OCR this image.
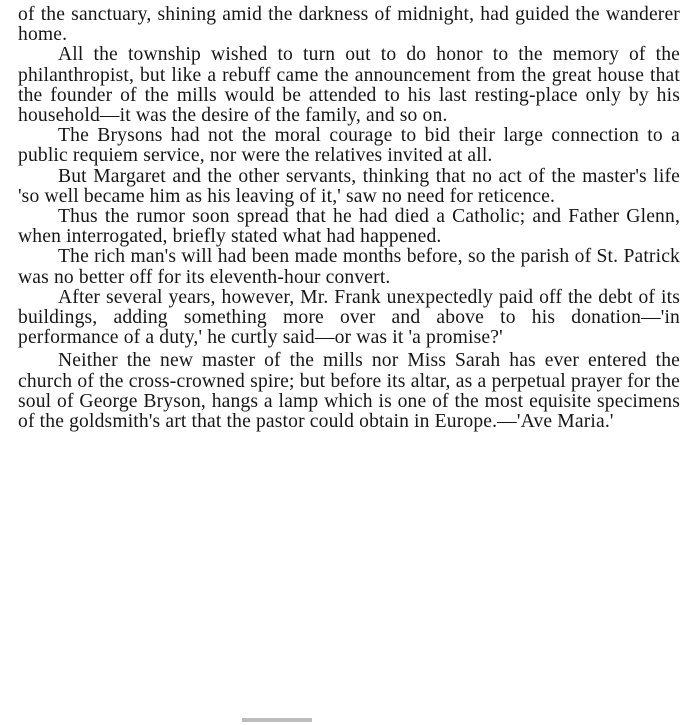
of the sanctuary, shining amid the darkness of midnight, had guided the wanderer home.

All the township wished to turn out to do honor to the memory of the philanthropist, but like a rebuff came the announcement from the great house that the founder of the mills would be attended to his last resting-place only by his household—it was the desire of the family, and so on.

The Brysons had not the moral courage to bid their large connection to a public requiem service, nor were the relatives invited at all.

But Margaret and the other servants, thinking that no act of the master's life 'so well became him as his leaving of it,' saw no need for reticence.

Thus the rumor soon spread that he had died a Catholic; and Father Glenn, when interrogated, briefly stated what had happened.

The rich man's will had been made months before, so the parish of St. Patrick was no better off for its eleventh-hour convert.

After several years, however, Mr. Frank unexpectedly paid off the debt of its buildings, adding something more over and above to his donation—'in performance of a duty,' he curtly said—or was it 'a promise?'

Neither the new master of the mills nor Miss Sarah has ever entered the church of the cross-crowned spire; but before its altar, as a perpetual prayer for the soul of George Bryson, hangs a lamp which is one of the most equisite specimens of the goldsmith's art that the pastor could obtain in Europe.—'Ave Maria.'
